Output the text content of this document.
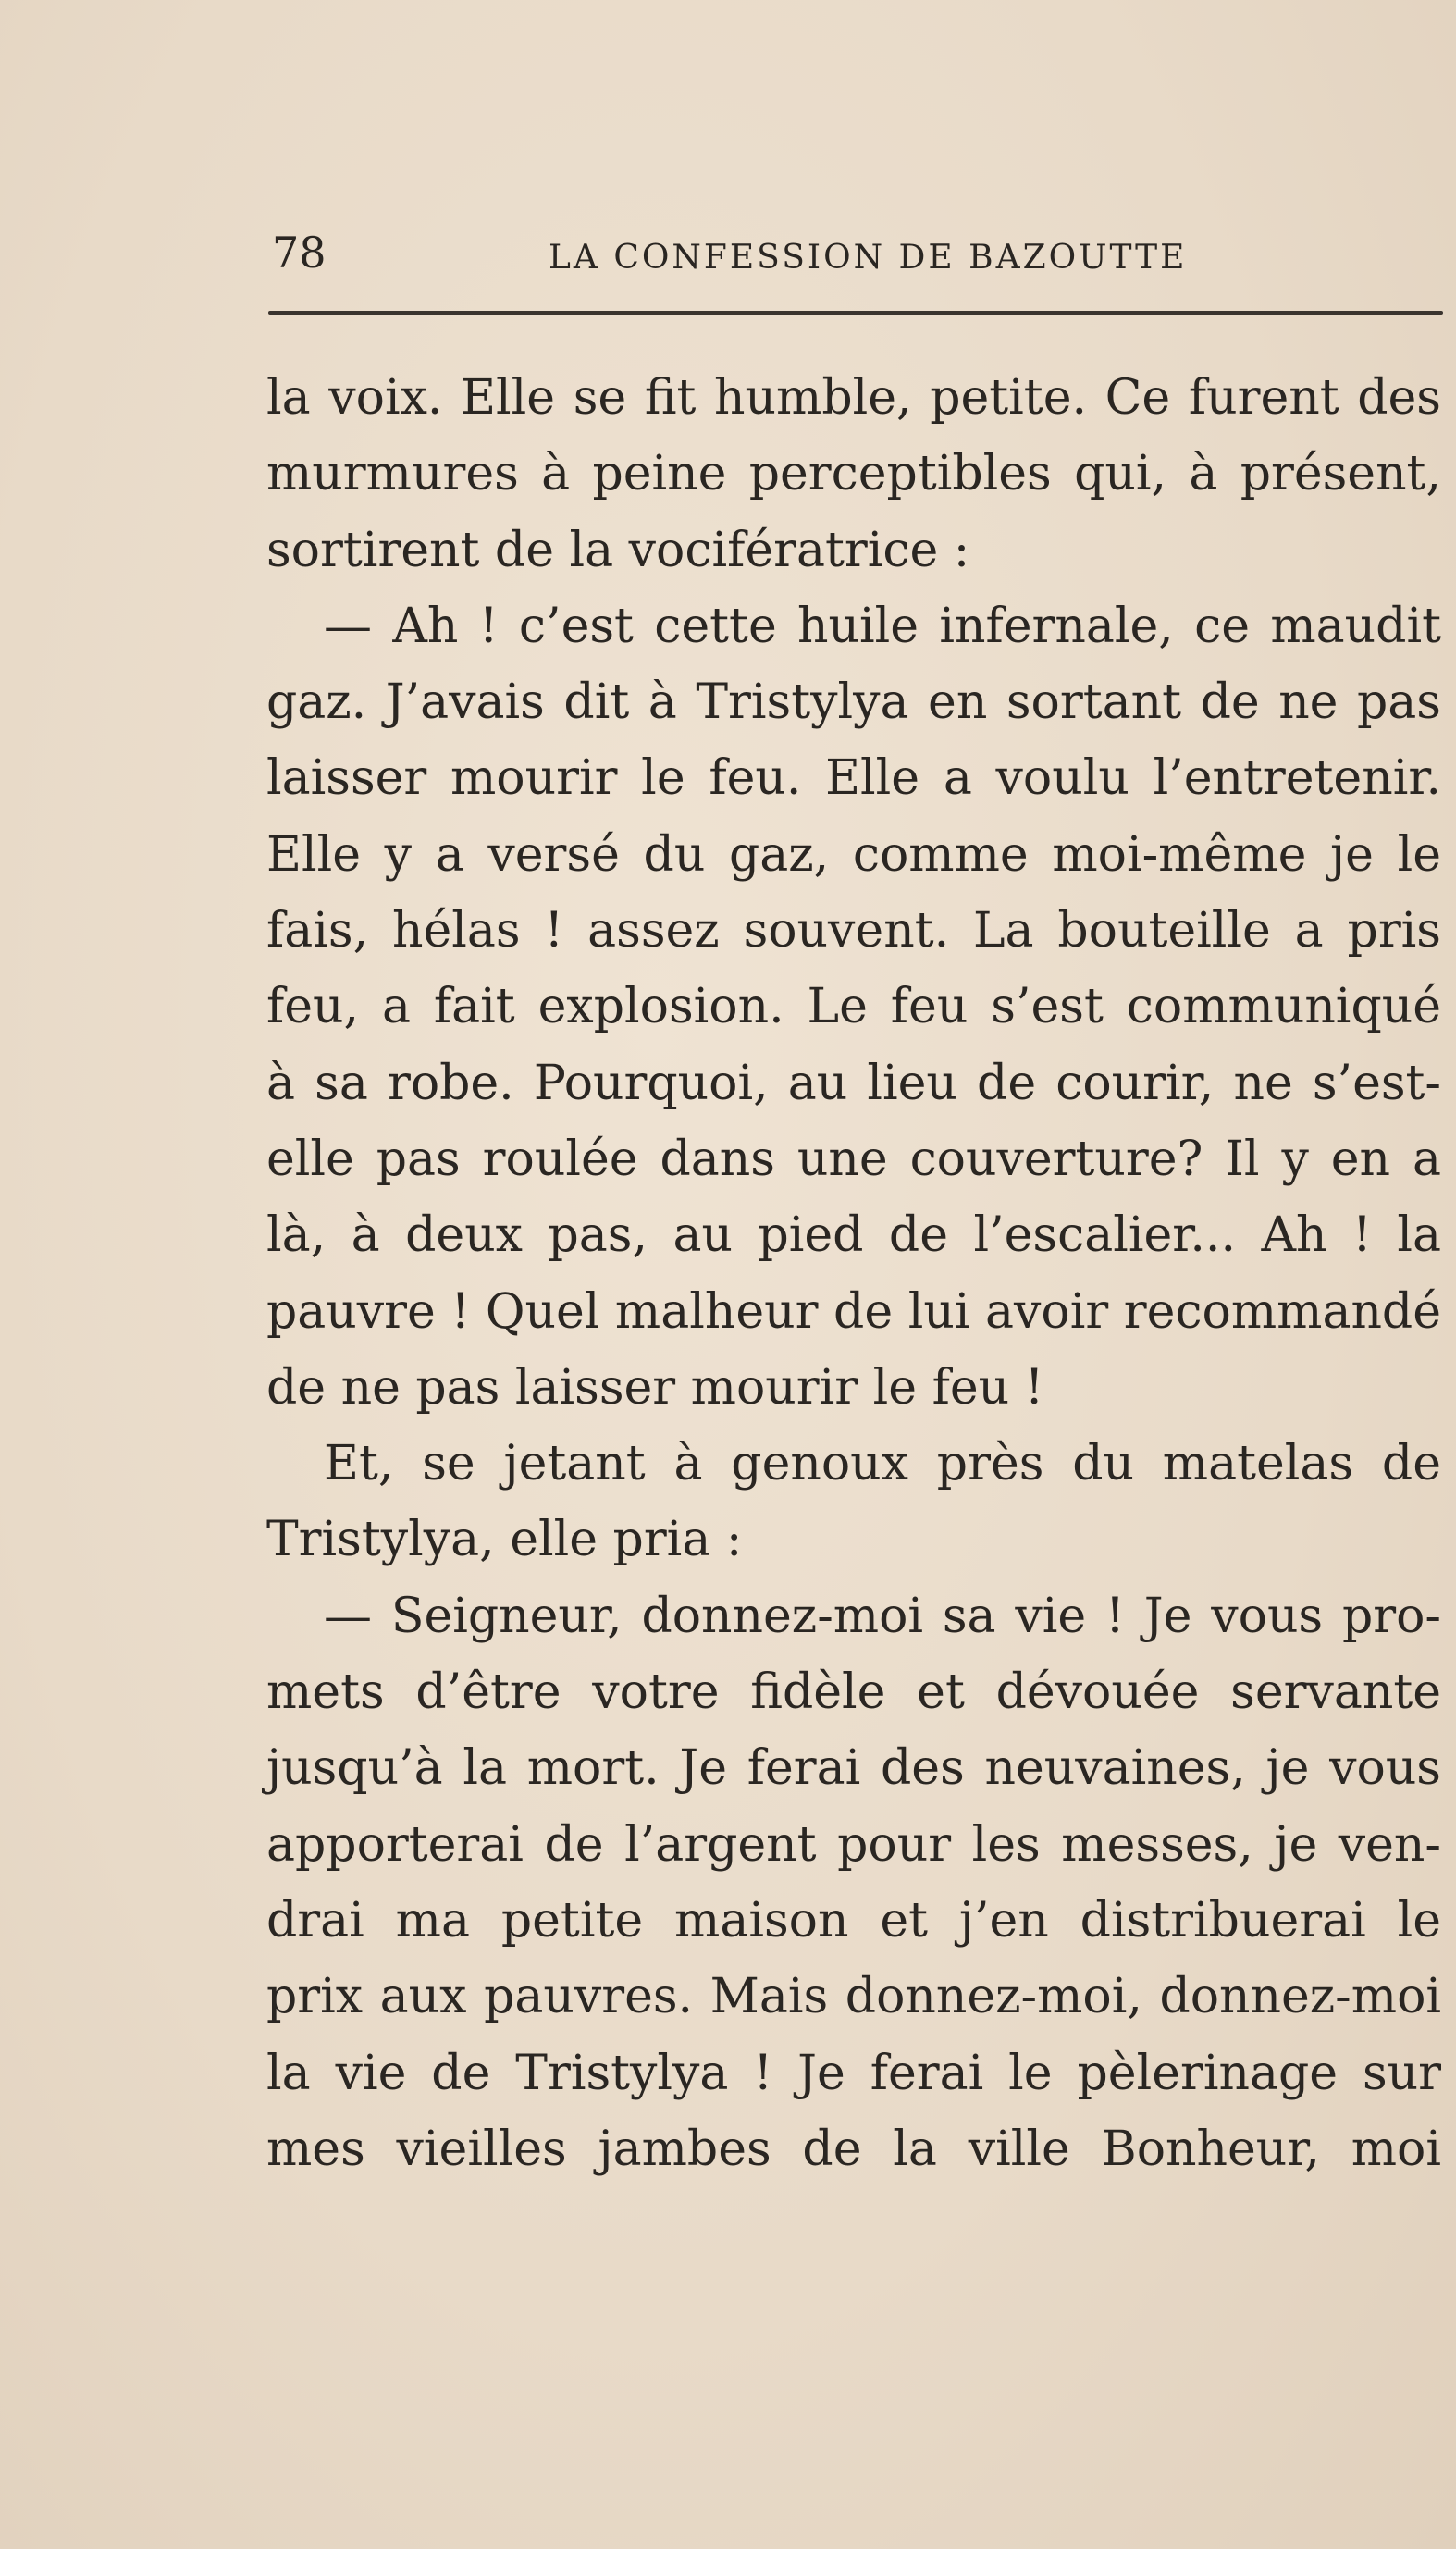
78	LA CONFESSION DE BAZOUTTE
la voix. Elle se fit humble, petite. Ce furent des
murmures à peine perceptibles qui, à présent,
sortirent de la vocifératrice :
— Ah ! c’est cette huile infernale, ce maudit
gaz. J’avais dit à Tristylya en sortant de ne pas
laisser mourir le feu. Elle a voulu l’entretenir.
Elle y a versé du gaz, comme moi-même je le
fais, hélas ! assez souvent. La bouteille a pris
feu, a fait explosion. Le feu s’est communiqué
à sa robe. Pourquoi, au lieu de courir, ne s’est-
elle pas roulée dans une couverture? Il y en a
là, à deux pas, au pied de l’escalier... Ah ! la
pauvre ! Quel malheur de lui avoir recommandé
de ne pas laisser mourir le feu !
Et, se jetant à genoux près du matelas de
Tristylya, elle pria :
— Seigneur, donnez-moi sa vie ! Je vous pro-
mets d’être votre fidèle et dévouée servante
jusqu’à la mort. Je ferai des neuvaines, je vous
apporterai de l’argent pour les messes, je ven-
drai ma petite maison et j’en distribuerai le
prix aux pauvres. Mais donnez-moi, donnez-moi
la vie de Tristylya ! Je ferai le pèlerinage sur
mes vieilles jambes de la ville Bonheur, moi
